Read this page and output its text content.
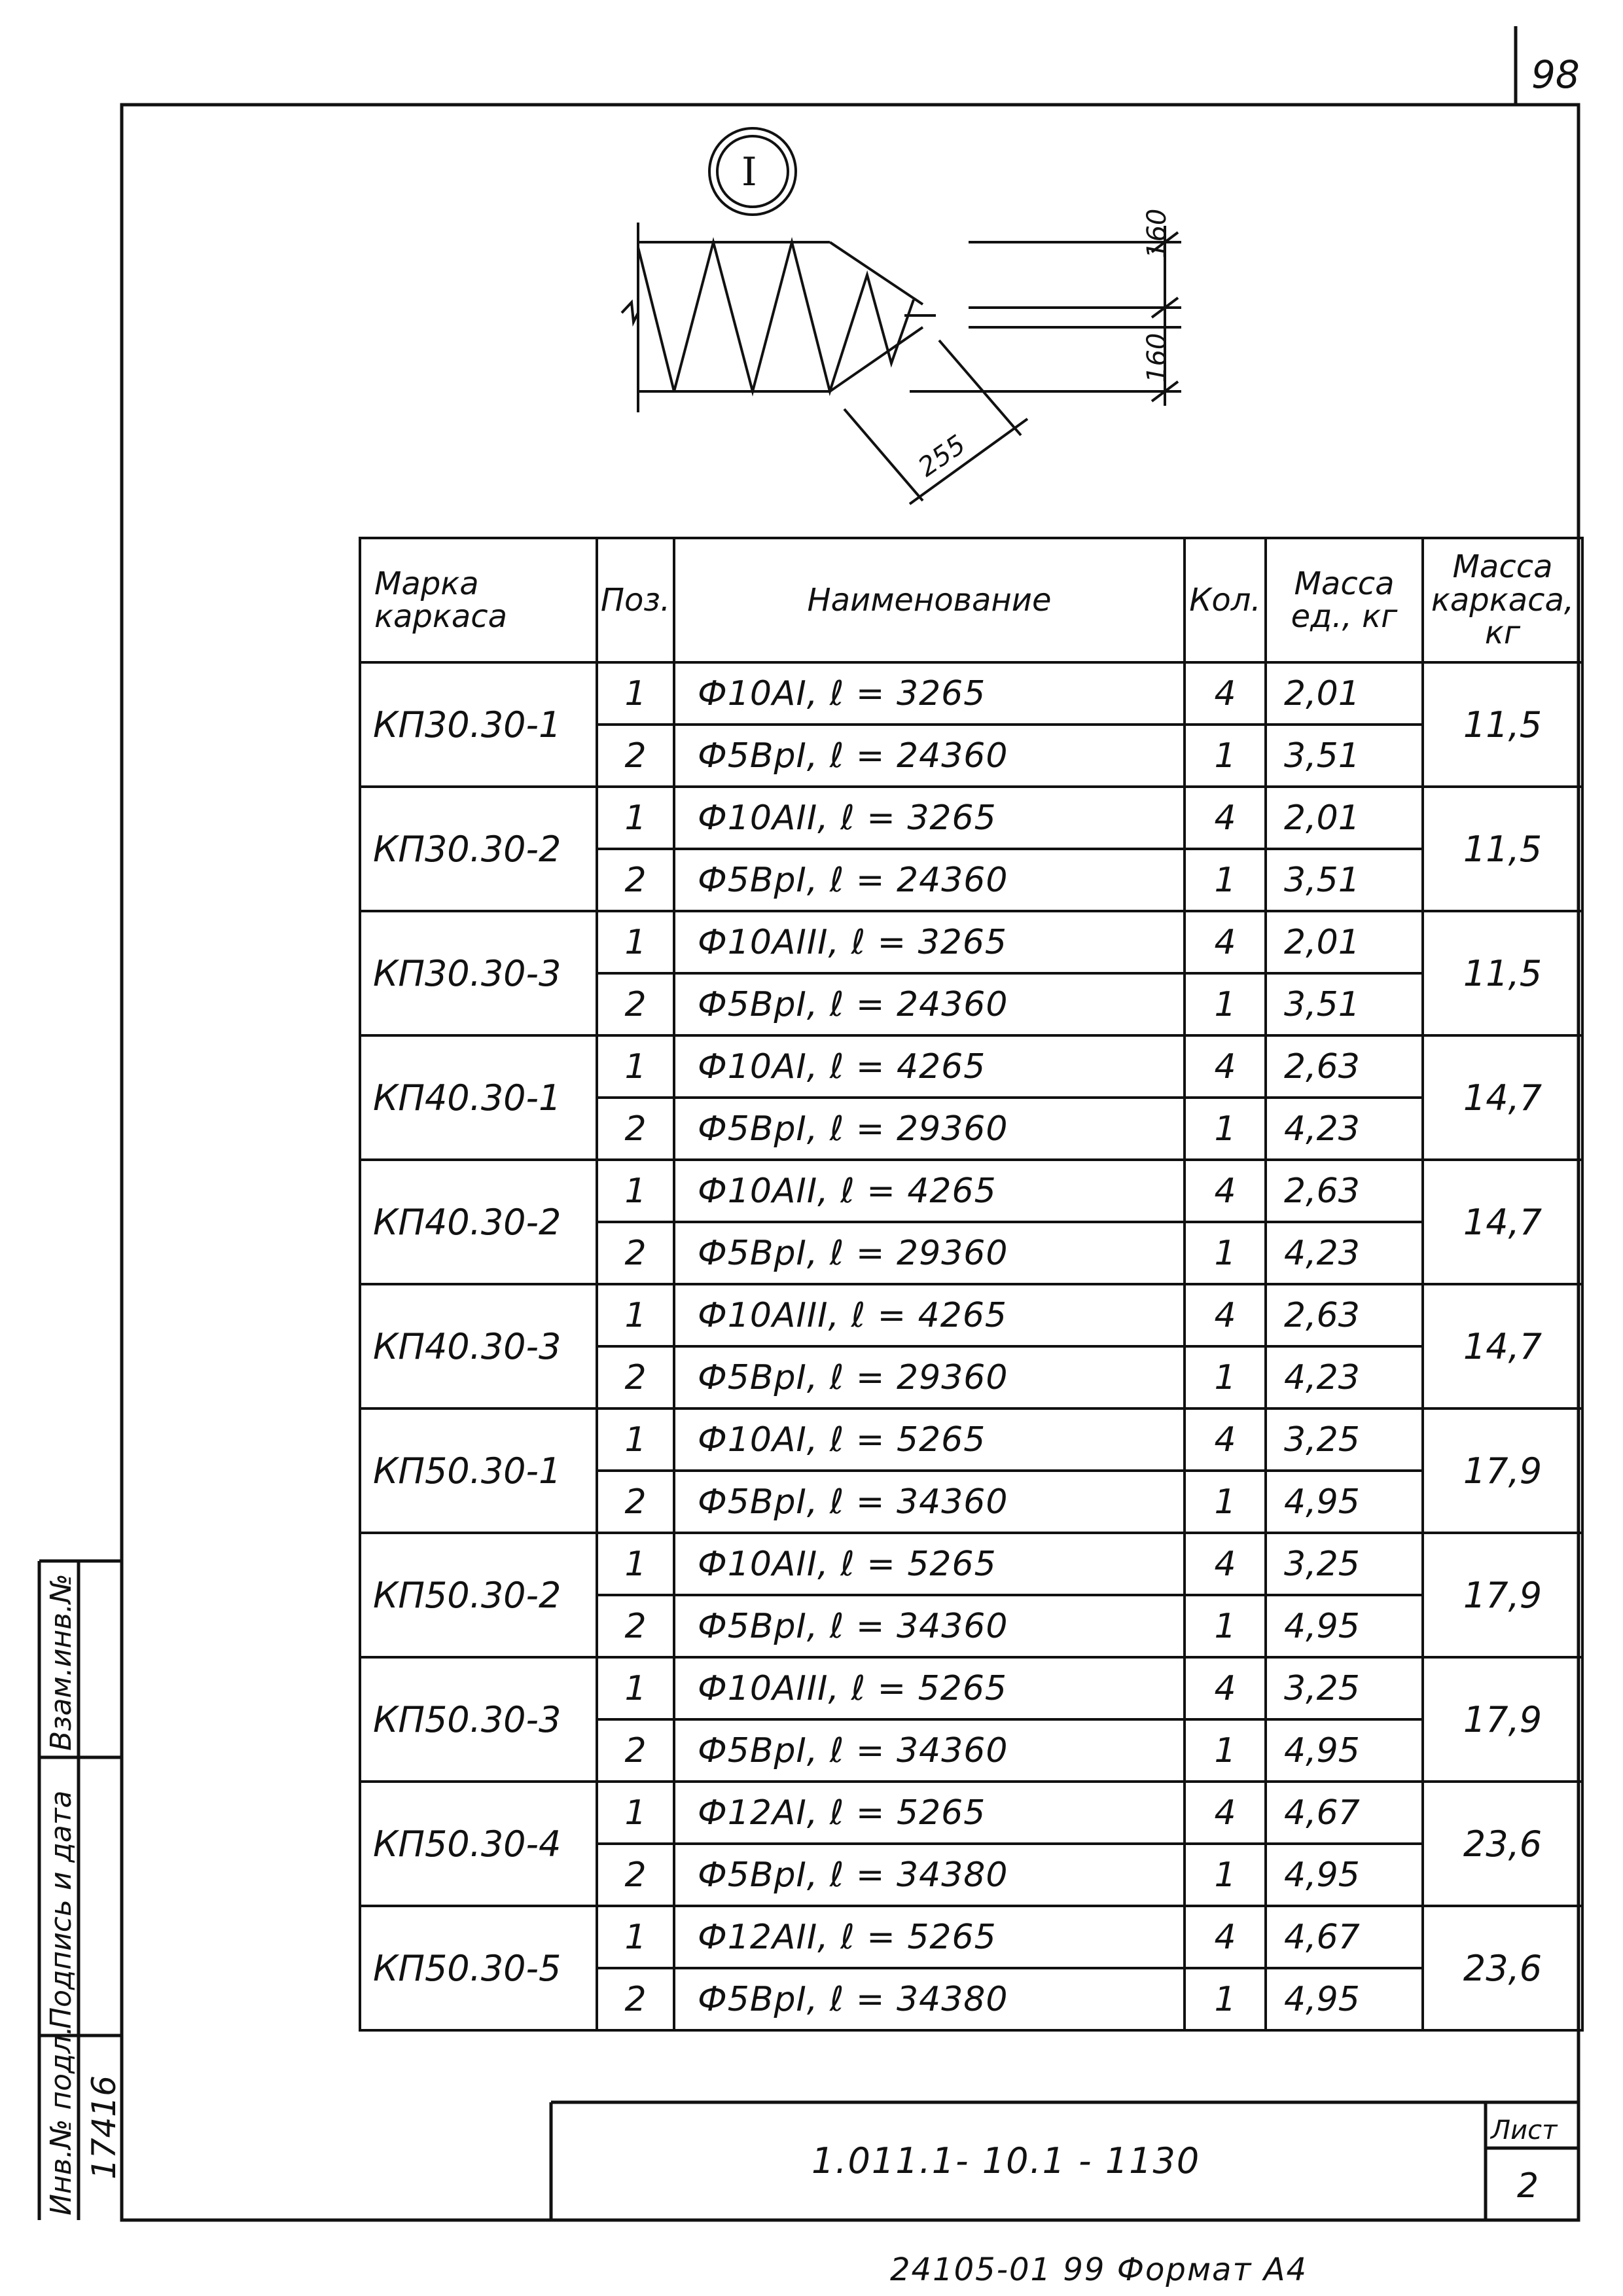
98
I
160
160
255
Марка каркаса	Поз.	Наименование	Кол.	Масса ед., кг	Масса каркаса, кг
КП30.30-1	1	Ф10АI, ℓ = 3265	4	2,01	11,5
	2	Ф5ВрI, ℓ = 24360	1	3,51	
КП30.30-2	1	Ф10АII, ℓ = 3265	4	2,01	11,5
	2	Ф5ВрI, ℓ = 24360	1	3,51	
КП30.30-3	1	Ф10АIII, ℓ = 3265	4	2,01	11,5
	2	Ф5ВрI, ℓ = 24360	1	3,51	
КП40.30-1	1	Ф10АI, ℓ = 4265	4	2,63	14,7
	2	Ф5ВрI, ℓ = 29360	1	4,23	
КП40.30-2	1	Ф10АII, ℓ = 4265	4	2,63	14,7
	2	Ф5ВрI, ℓ = 29360	1	4,23	
КП40.30-3	1	Ф10АIII, ℓ = 4265	4	2,63	14,7
	2	Ф5ВрI, ℓ = 29360	1	4,23	
КП50.30-1	1	Ф10АI, ℓ = 5265	4	3,25	17,9
	2	Ф5ВрI, ℓ = 34360	1	4,95	
КП50.30-2	1	Ф10АII, ℓ = 5265	4	3,25	17,9
	2	Ф5ВрI, ℓ = 34360	1	4,95	
КП50.30-3	1	Ф10АIII, ℓ = 5265	4	3,25	17,9
	2	Ф5ВрI, ℓ = 34360	1	4,95	
КП50.30-4	1	Ф12АI, ℓ = 5265	4	4,67	23,6
	2	Ф5ВрI, ℓ = 34380	1	4,95	
КП50.30-5	1	Ф12АII, ℓ = 5265	4	4,67	23,6
	2	Ф5ВрI, ℓ = 34380	1	4,95	
Инв.№ подл. 17416
Подпись и дата
Взам.инв.№
1.011.1- 10.1 - 1130
Лист
2
24105-01 99 Формат А4
